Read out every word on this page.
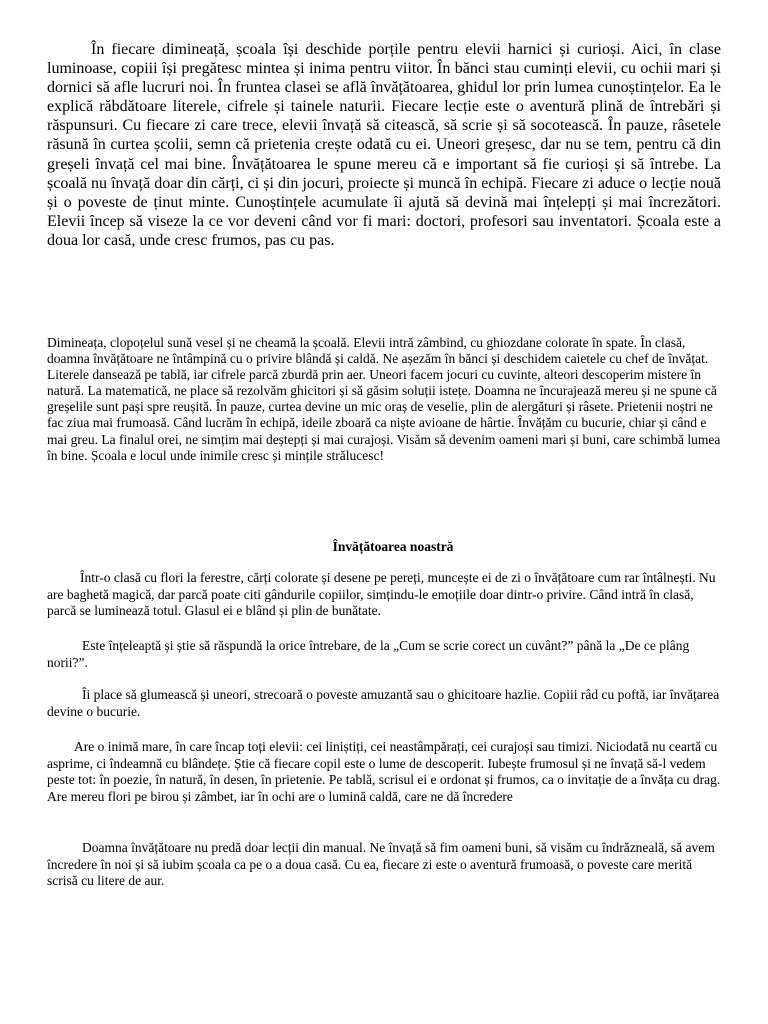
În fiecare dimineață, școala își deschide porțile pentru elevii harnici și curioși. Aici, în clase luminoase, copiii își pregătesc mintea și inima pentru viitor. În bănci stau cuminți elevii, cu ochii mari și dornici să afle lucruri noi. În fruntea clasei se află învățătoarea, ghidul lor prin lumea cunoștințelor. Ea le explică răbdătoare literele, cifrele și tainele naturii. Fiecare lecție este o aventură plină de întrebări și răspunsuri. Cu fiecare zi care trece, elevii învață să citească, să scrie și să socotească. În pauze, râsetele răsună în curtea școlii, semn că prietenia crește odată cu ei. Uneori greșesc, dar nu se tem, pentru că din greșeli învață cel mai bine. Învățătoarea le spune mereu că e important să fie curioși și să întrebe. La școală nu învață doar din cărți, ci și din jocuri, proiecte și muncă în echipă. Fiecare zi aduce o lecție nouă și o poveste de ținut minte. Cunoștințele acumulate îi ajută să devină mai înțelepți și mai încrezători. Elevii încep să viseze la ce vor deveni când vor fi mari: doctori, profesori sau inventatori. Școala este a doua lor casă, unde cresc frumos, pas cu pas.

Dimineața, clopoțelul sună vesel și ne cheamă la școală. Elevii intră zâmbind, cu ghiozdane colorate în spate. În clasă, doamna învățătoare ne întâmpină cu o privire blândă și caldă. Ne așezăm în bănci și deschidem caietele cu chef de învățat. Literele dansează pe tablă, iar cifrele parcă zburdă prin aer. Uneori facem jocuri cu cuvinte, alteori descoperim mistere în natură. La matematică, ne place să rezolvăm ghicitori și să găsim soluții istețe. Doamna ne încurajează mereu și ne spune că greșelile sunt pași spre reușită. În pauze, curtea devine un mic oraș de veselie, plin de alergături și râsete. Prietenii noștri ne fac ziua mai frumoasă. Când lucrăm în echipă, ideile zboară ca niște avioane de hârtie. Învățăm cu bucurie, chiar și când e mai greu. La finalul orei, ne simțim mai deștepți și mai curajoși. Visăm să devenim oameni mari și buni, care schimbă lumea în bine. Școala e locul unde inimile cresc și mințile strălucesc!

Învățătoarea noastră

Într-o clasă cu flori la ferestre, cărți colorate și desene pe pereți, muncește ei de zi o învățătoare cum rar întâlnești. Nu are baghetă magică, dar parcă poate citi gândurile copiilor, simțindu-le emoțiile doar dintr-o privire. Când intră în clasă, parcă se luminează totul. Glasul ei e blând și plin de bunătate.

Este înțeleaptă și știe să răspundă la orice întrebare, de la „Cum se scrie corect un cuvânt?” până la „De ce plâng norii?”.

Îi place să glumească și uneori, strecoară o poveste amuzantă sau o ghicitoare hazlie. Copiii râd cu poftă, iar învățarea devine o bucurie.

Are o inimă mare, în care încap toți elevii: cei liniștiți, cei neastâmpărați, cei curajoși sau timizi. Niciodată nu ceartă cu asprime, ci îndeamnă cu blândețe. Știe că fiecare copil este o lume de descoperit. Iubește frumosul și ne învață să-l vedem peste tot: în poezie, în natură, în desen, în prietenie. Pe tablă, scrisul ei e ordonat și frumos, ca o invitație de a învăța cu drag. Are mereu flori pe birou și zâmbet, iar în ochi are o lumină caldă, care ne dă încredere

Doamna învățătoare nu predă doar lecții din manual. Ne învață să fim oameni buni, să visăm cu îndrăzneală, să avem încredere în noi și să iubim școala ca pe o a doua casă. Cu ea, fiecare zi este o aventură frumoasă, o poveste care merită scrisă cu litere de aur.
